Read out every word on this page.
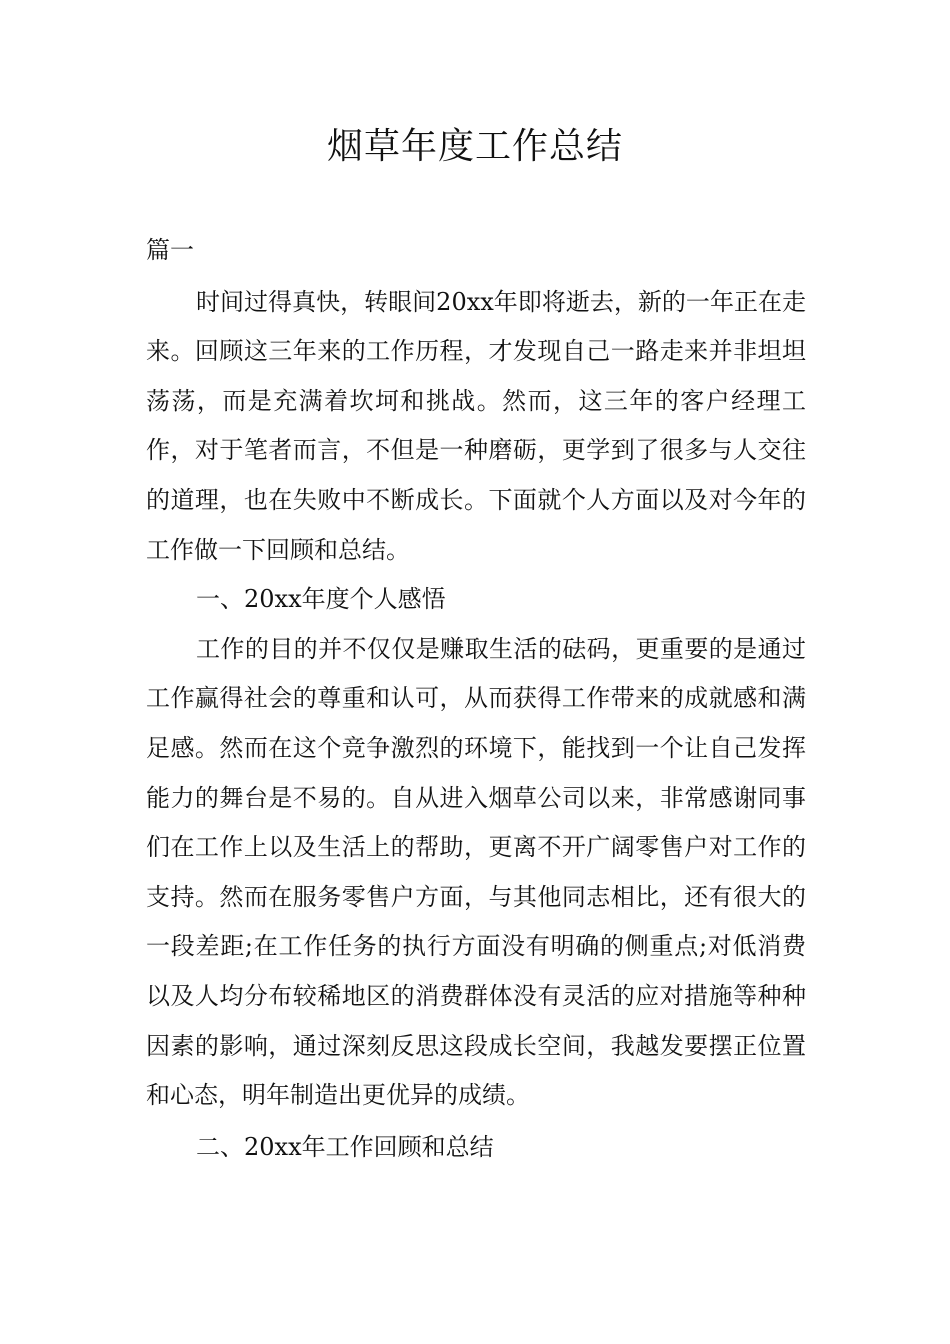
烟草年度工作总结

篇一

时间过得真快，转眼间20xx年即将逝去，新的一年正在走来。回顾这三年来的工作历程，才发现自己一路走来并非坦坦荡荡，而是充满着坎坷和挑战。然而，这三年的客户经理工作，对于笔者而言，不但是一种磨砺，更学到了很多与人交往的道理，也在失败中不断成长。下面就个人方面以及对今年的工作做一下回顾和总结。

一、20xx年度个人感悟

工作的目的并不仅仅是赚取生活的砝码，更重要的是通过工作赢得社会的尊重和认可，从而获得工作带来的成就感和满足感。然而在这个竞争激烈的环境下，能找到一个让自己发挥能力的舞台是不易的。自从进入烟草公司以来，非常感谢同事们在工作上以及生活上的帮助，更离不开广阔零售户对工作的支持。然而在服务零售户方面，与其他同志相比，还有很大的一段差距;在工作任务的执行方面没有明确的侧重点;对低消费以及人均分布较稀地区的消费群体没有灵活的应对措施等种种因素的影响，通过深刻反思这段成长空间，我越发要摆正位置和心态，明年制造出更优异的成绩。

二、20xx年工作回顾和总结
